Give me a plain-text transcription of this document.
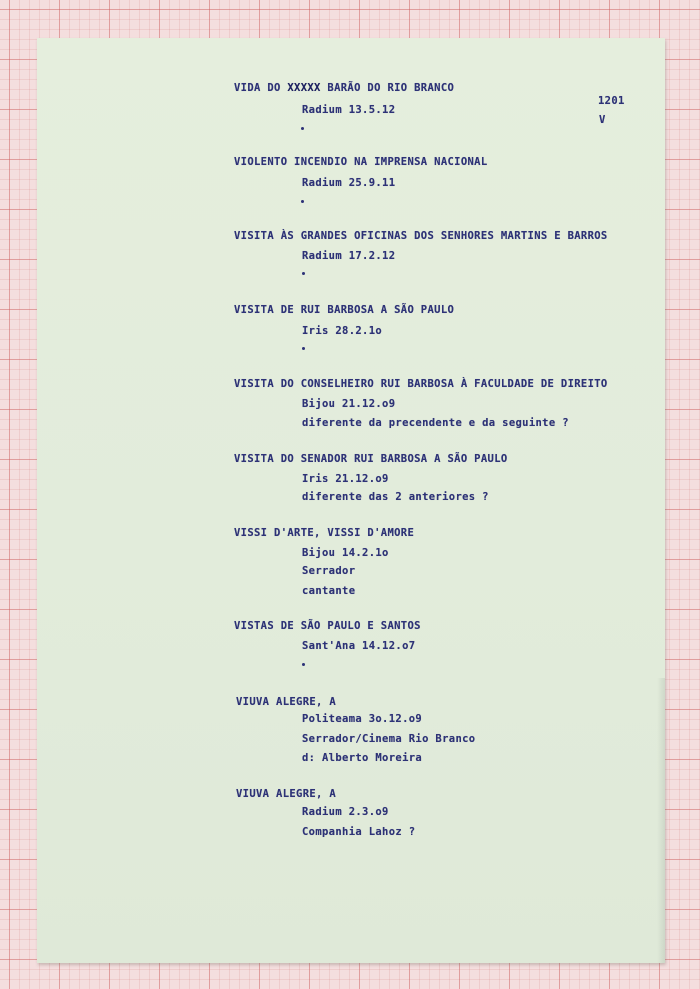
1201
V
VIDA DO XXXXX BARÃO DO RIO BRANCO
Radium 13.5.12
VIOLENTO INCENDIO NA IMPRENSA NACIONAL
Radium 25.9.11
VISITA ÀS GRANDES OFICINAS DOS SENHORES MARTINS E BARROS
Radium 17.2.12
VISITA DE RUI BARBOSA A SÃO PAULO
Iris 28.2.1o
VISITA DO CONSELHEIRO RUI BARBOSA À FACULDADE DE DIREITO
Bijou 21.12.o9
diferente da precendente e da seguinte ?
VISITA DO SENADOR RUI BARBOSA A SÃO PAULO
Iris 21.12.o9
diferente das 2 anteriores ?
VISSI D'ARTE, VISSI D'AMORE
Bijou 14.2.1o
Serrador
cantante
VISTAS DE SÃO PAULO E SANTOS
Sant'Ana 14.12.o7
VIUVA ALEGRE, A
Politeama 3o.12.o9
Serrador/Cinema Rio Branco
d: Alberto Moreira
VIUVA ALEGRE, A
Radium 2.3.o9
Companhia Lahoz ?
